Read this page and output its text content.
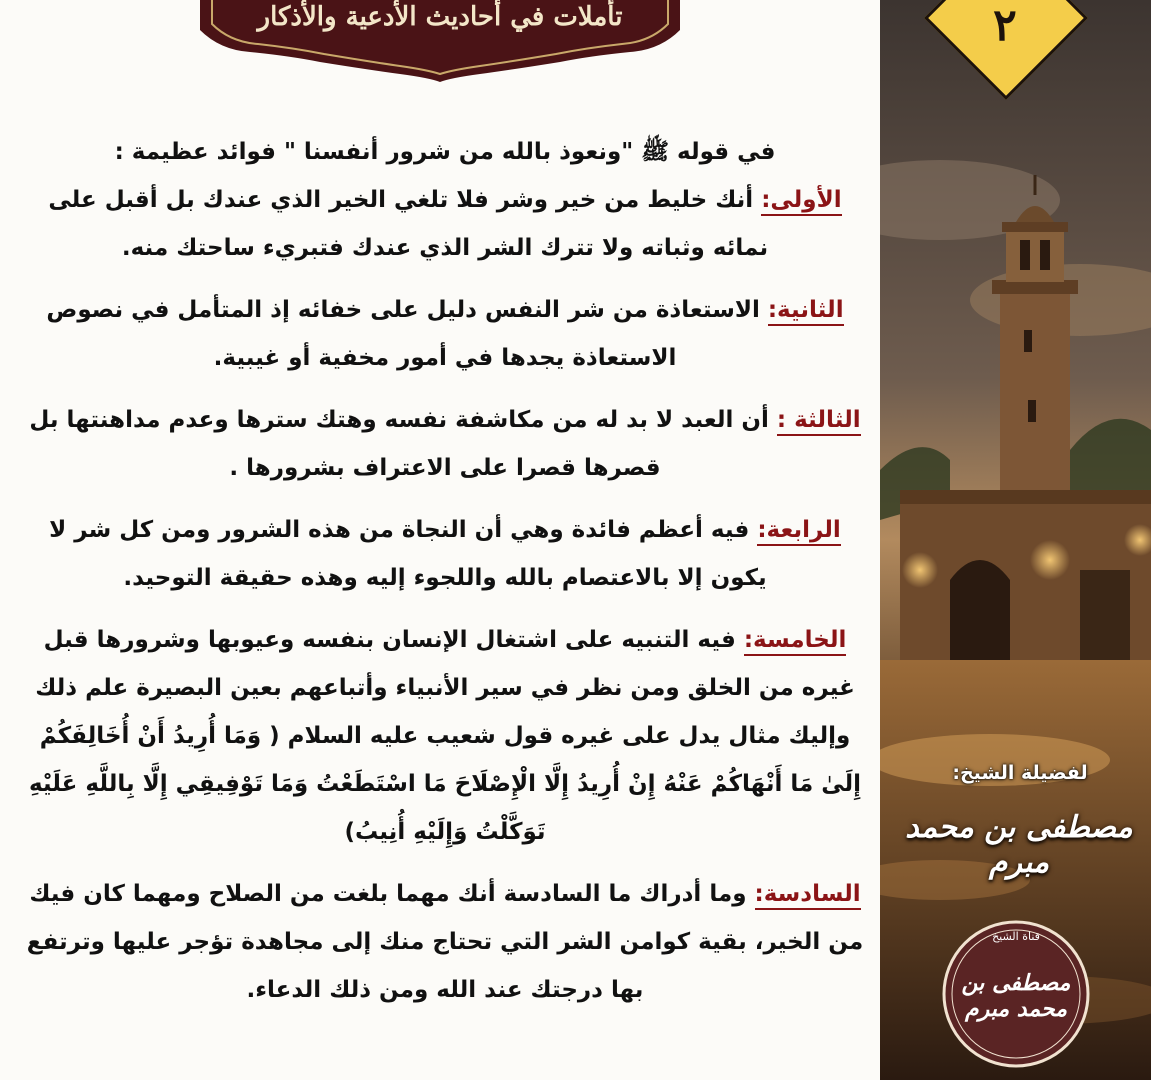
تأملات في أحاديث الأدعية والأذكار

في قوله ﷺ "ونعوذ بالله من شرور أنفسنا " فوائد عظيمة :

الأولى: أنك خليط من خير وشر فلا تلغي الخير الذي عندك بل أقبل على نمائه وثباته ولا تترك الشر الذي عندك فتبريء ساحتك منه.

الثانية: الاستعاذة من شر النفس دليل على خفائه إذ المتأمل في نصوص الاستعاذة يجدها في أمور مخفية أو غيبية.

الثالثة : أن العبد لا بد له من مكاشفة نفسه وهتك سترها وعدم مداهنتها بل قصرها قصرا على الاعتراف بشرورها .

الرابعة: فيه أعظم فائدة وهي أن النجاة من هذه الشرور ومن كل شر لا يكون إلا بالاعتصام بالله واللجوء إليه وهذه حقيقة التوحيد.

الخامسة: فيه التنبيه على اشتغال الإنسان بنفسه وعيوبها وشرورها قبل غيره من الخلق ومن نظر في سير الأنبياء وأتباعهم بعين البصيرة علم ذلك وإليك مثال يدل على غيره قول شعيب عليه السلام ( وَمَا أُرِيدُ أَنْ أُخَالِفَكُمْ إِلَىٰ مَا أَنْهَاكُمْ عَنْهُ إِنْ أُرِيدُ إِلَّا الْإِصْلَاحَ مَا اسْتَطَعْتُ وَمَا تَوْفِيقِي إِلَّا بِاللَّهِ عَلَيْهِ تَوَكَّلْتُ وَإِلَيْهِ أُنِيبُ)

السادسة: وما أدراك ما السادسة أنك مهما بلغت من الصلاح ومهما كان فيك من الخير، بقية كوامن الشر التي تحتاج منك إلى مجاهدة تؤجر عليها وترتفع بها درجتك عند الله ومن ذلك الدعاء.

٢
لفضيلة الشيخ:
مصطفى بن محمد مبرم
قناة الشيخ
مصطفى بن محمد مبرم
